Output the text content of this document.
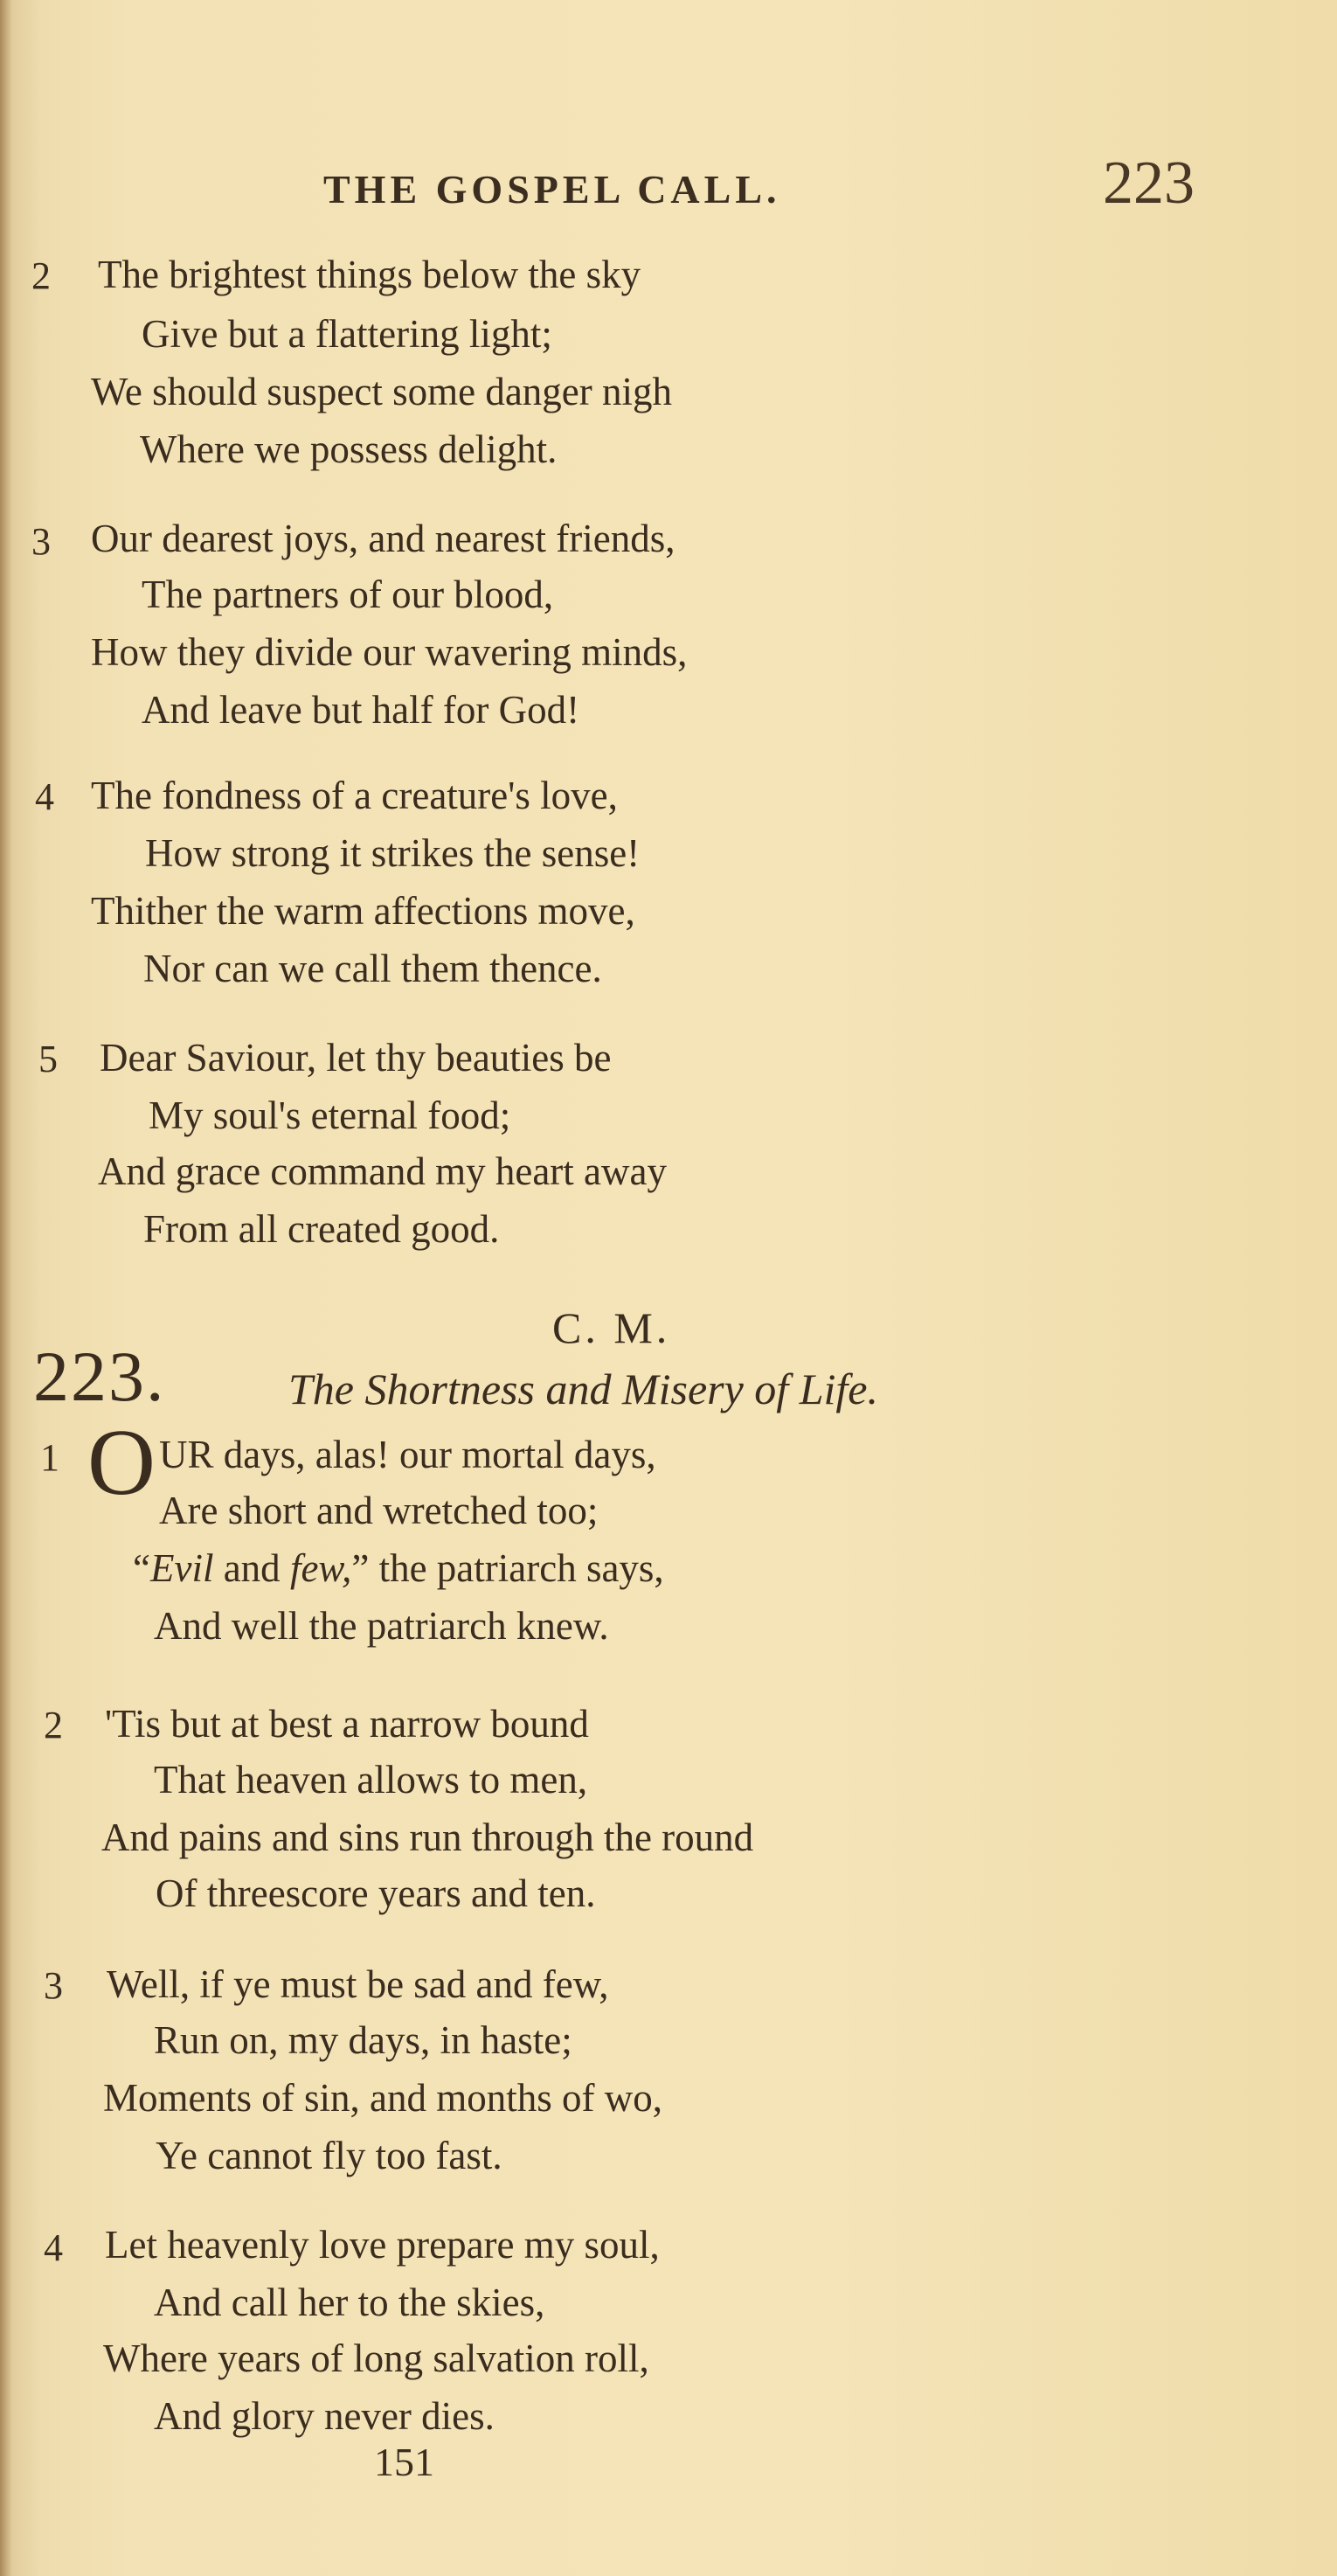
THE GOSPEL CALL.	223
2 The brightest things below the sky
Give but a flattering light;
We should suspect some danger nigh
Where we possess delight.
3 Our dearest joys, and nearest friends,
The partners of our blood,
How they divide our wavering minds,
And leave but half for God!
4 The fondness of a creature's love,
How strong it strikes the sense!
Thither the warm affections move,
Nor can we call them thence.
5 Dear Saviour, let thy beauties be
My soul's eternal food;
And grace command my heart away
From all created good.
C. M.
223.	The Shortness and Misery of Life.
1 O UR days, alas! our mortal days,
Are short and wretched too;
“Evil and few,” the patriarch says,
And well the patriarch knew.
2 'Tis but at best a narrow bound
That heaven allows to men,
And pains and sins run through the round
Of threescore years and ten.
3 Well, if ye must be sad and few,
Run on, my days, in haste;
Moments of sin, and months of wo,
Ye cannot fly too fast.
4 Let heavenly love prepare my soul,
And call her to the skies,
Where years of long salvation roll,
And glory never dies.
151
